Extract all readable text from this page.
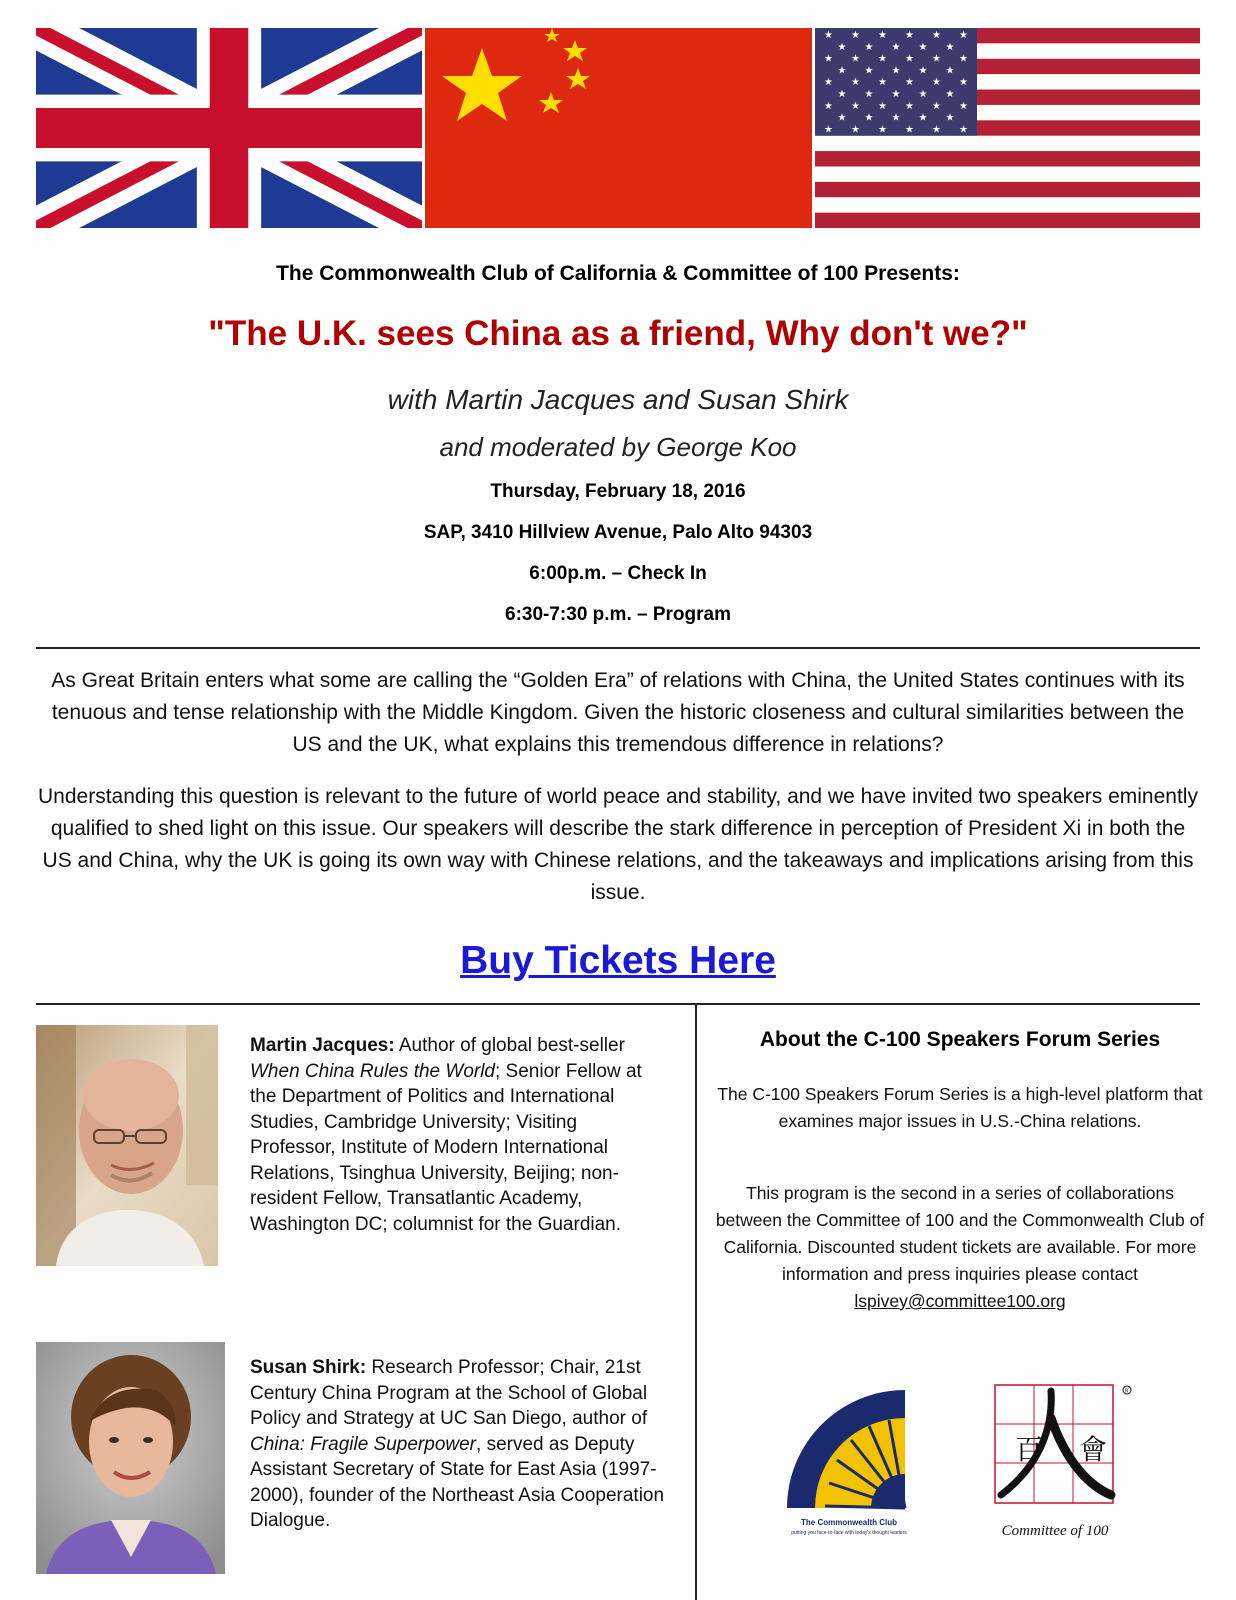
★ ★ ★ ★ ★ ★
★ ★ ★ ★ ★
★ ★ ★ ★ ★ ★
★ ★ ★ ★ ★
★ ★ ★ ★ ★ ★
★ ★ ★ ★ ★
★ ★ ★ ★ ★ ★
★ ★ ★ ★ ★
★ ★ ★ ★ ★ ★
The Commonwealth Club of California & Committee of 100 Presents:
"The U.K. sees China as a friend, Why don't we?"
with Martin Jacques and Susan Shirk
and moderated by George Koo
Thursday, February 18, 2016
SAP, 3410 Hillview Avenue, Palo Alto 94303
6:00p.m. – Check In
6:30-7:30 p.m. – Program
As Great Britain enters what some are calling the “Golden Era” of relations with China, the United States continues with its tenuous and tense relationship with the Middle Kingdom. Given the historic closeness and cultural similarities between the US and the UK, what explains this tremendous difference in relations?
Understanding this question is relevant to the future of world peace and stability, and we have invited two speakers eminently qualified to shed light on this issue. Our speakers will describe the stark difference in perception of President Xi in both the US and China, why the UK is going its own way with Chinese relations, and the takeaways and implications arising from this issue.
Buy Tickets Here
Martin Jacques: Author of global best-seller When China Rules the World; Senior Fellow at the Department of Politics and International Studies, Cambridge University; Visiting Professor, Institute of Modern International Relations, Tsinghua University, Beijing; non-resident Fellow, Transatlantic Academy, Washington DC; columnist for the Guardian.
Susan Shirk: Research Professor; Chair, 21st Century China Program at the School of Global Policy and Strategy at UC San Diego, author of China: Fragile Superpower, served as Deputy Assistant Secretary of State for East Asia (1997-2000), founder of the Northeast Asia Cooperation Dialogue.
About the C-100 Speakers Forum Series
The C-100 Speakers Forum Series is a high-level platform that examines major issues in U.S.-China relations.
This program is the second in a series of collaborations between the Committee of 100 and the Commonwealth Club of California. Discounted student tickets are available. For more information and press inquiries please contact lspivey@committee100.org
The Commonwealth Club
putting you face-to-face with today's thought leaders
百 會
R
Committee of 100
